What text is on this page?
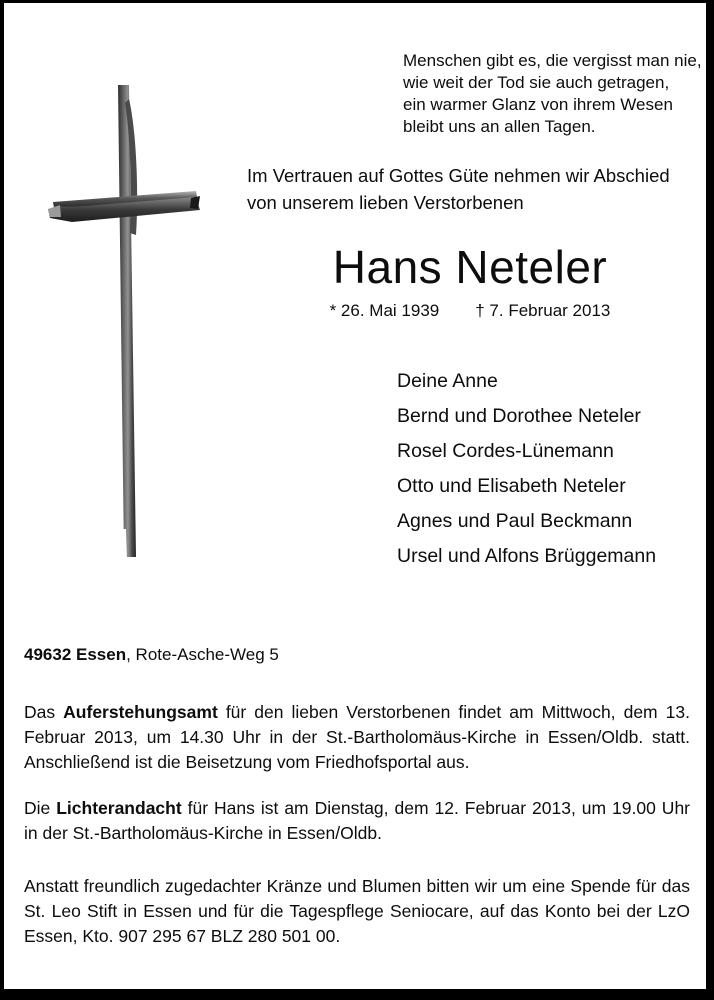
Menschen gibt es, die vergisst man nie,
wie weit der Tod sie auch getragen,
ein warmer Glanz von ihrem Wesen
bleibt uns an allen Tagen.
Im Vertrauen auf Gottes Güte nehmen wir Abschied von unserem lieben Verstorbenen
Hans Neteler
* 26. Mai 1939 † 7. Februar 2013
Deine Anne
Bernd und Dorothee Neteler
Rosel Cordes-Lünemann
Otto und Elisabeth Neteler
Agnes und Paul Beckmann
Ursel und Alfons Brüggemann
49632 Essen, Rote-Asche-Weg 5
Das Auferstehungsamt für den lieben Verstorbenen findet am Mittwoch, dem 13. Februar 2013, um 14.30 Uhr in der St.-Bartholomäus-Kirche in Essen/Oldb. statt. Anschließend ist die Beisetzung vom Friedhofsportal aus.
Die Lichterandacht für Hans ist am Dienstag, dem 12. Februar 2013, um 19.00 Uhr in der St.-Bartholomäus-Kirche in Essen/Oldb.
Anstatt freundlich zugedachter Kränze und Blumen bitten wir um eine Spende für das St. Leo Stift in Essen und für die Tagespflege Seniocare, auf das Konto bei der LzO Essen, Kto. 907 295 67 BLZ 280 501 00.
